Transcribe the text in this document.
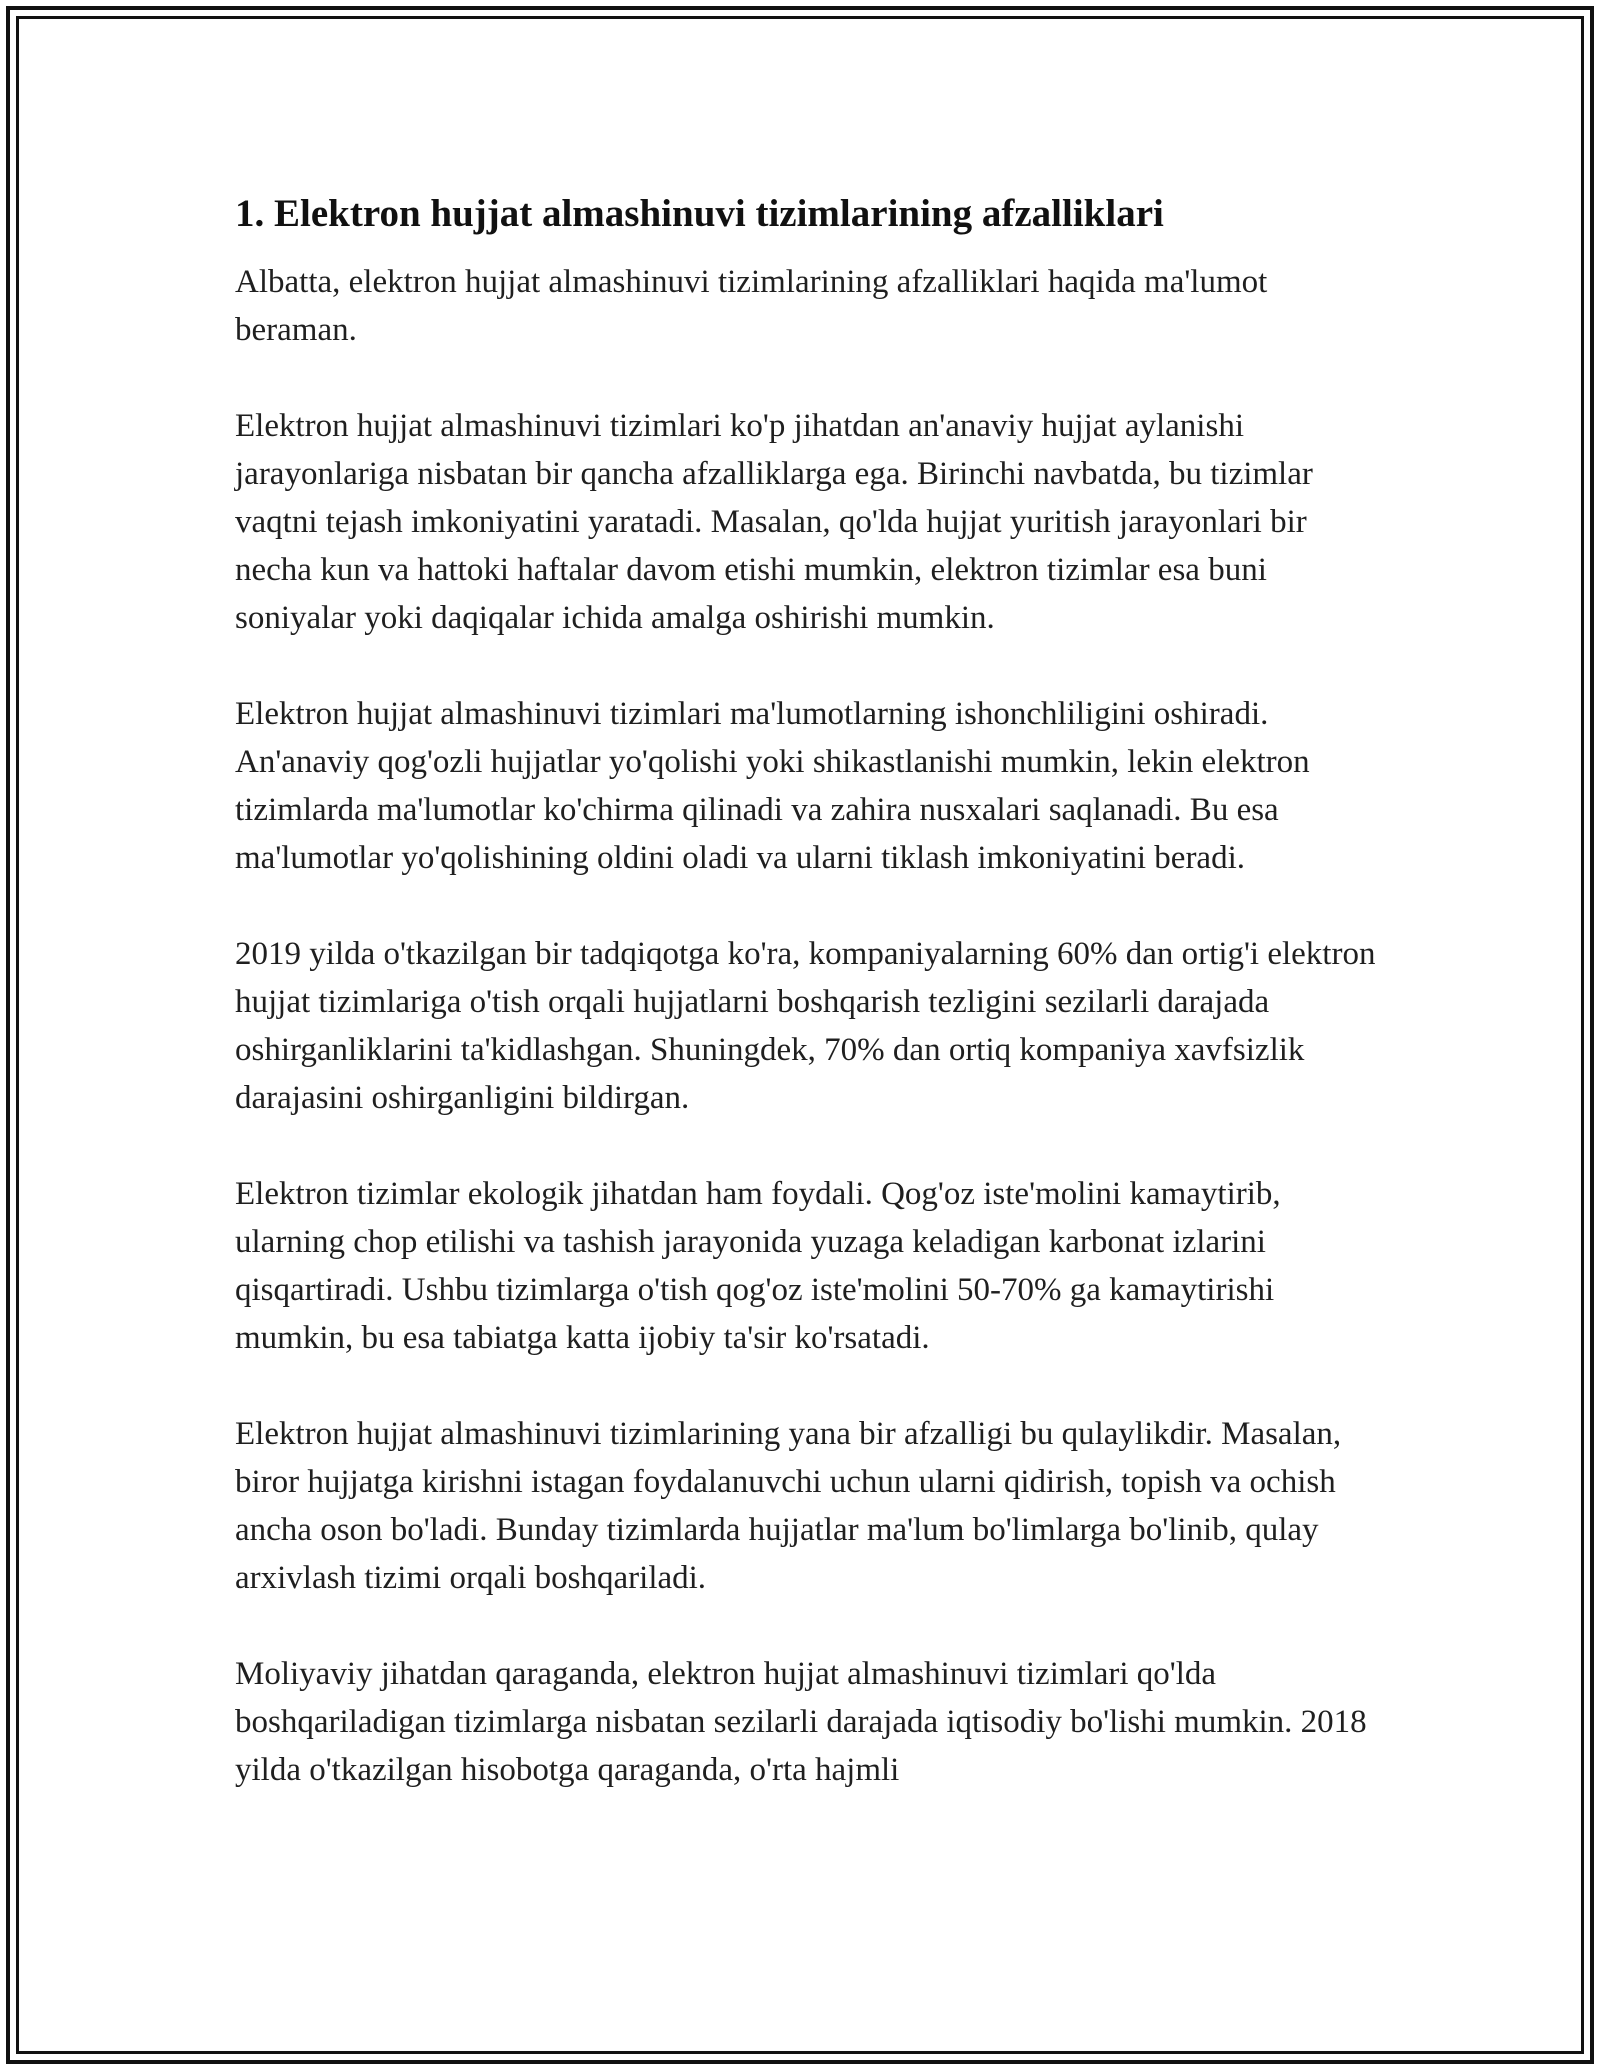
1. Elektron hujjat almashinuvi tizimlarining afzalliklari

Albatta, elektron hujjat almashinuvi tizimlarining afzalliklari haqida ma'lumot beraman.

Elektron hujjat almashinuvi tizimlari ko'p jihatdan an'anaviy hujjat aylanishi jarayonlariga nisbatan bir qancha afzalliklarga ega. Birinchi navbatda, bu tizimlar vaqtni tejash imkoniyatini yaratadi. Masalan, qo'lda hujjat yuritish jarayonlari bir necha kun va hattoki haftalar davom etishi mumkin, elektron tizimlar esa buni soniyalar yoki daqiqalar ichida amalga oshirishi mumkin.

Elektron hujjat almashinuvi tizimlari ma'lumotlarning ishonchliligini oshiradi. An'anaviy qog'ozli hujjatlar yo'qolishi yoki shikastlanishi mumkin, lekin elektron tizimlarda ma'lumotlar ko'chirma qilinadi va zahira nusxalari saqlanadi. Bu esa ma'lumotlar yo'qolishining oldini oladi va ularni tiklash imkoniyatini beradi.

2019 yilda o'tkazilgan bir tadqiqotga ko'ra, kompaniyalarning 60% dan ortig'i elektron hujjat tizimlariga o'tish orqali hujjatlarni boshqarish tezligini sezilarli darajada oshirganliklarini ta'kidlashgan. Shuningdek, 70% dan ortiq kompaniya xavfsizlik darajasini oshirganligini bildirgan.

Elektron tizimlar ekologik jihatdan ham foydali. Qog'oz iste'molini kamaytirib, ularning chop etilishi va tashish jarayonida yuzaga keladigan karbonat izlarini qisqartiradi. Ushbu tizimlarga o'tish qog'oz iste'molini 50-70% ga kamaytirishi mumkin, bu esa tabiatga katta ijobiy ta'sir ko'rsatadi.

Elektron hujjat almashinuvi tizimlarining yana bir afzalligi bu qulaylikdir. Masalan, biror hujjatga kirishni istagan foydalanuvchi uchun ularni qidirish, topish va ochish ancha oson bo'ladi. Bunday tizimlarda hujjatlar ma'lum bo'limlarga bo'linib, qulay arxivlash tizimi orqali boshqariladi.

Moliyaviy jihatdan qaraganda, elektron hujjat almashinuvi tizimlari qo'lda boshqariladigan tizimlarga nisbatan sezilarli darajada iqtisodiy bo'lishi mumkin. 2018 yilda o'tkazilgan hisobotga qaraganda, o'rta hajmli
